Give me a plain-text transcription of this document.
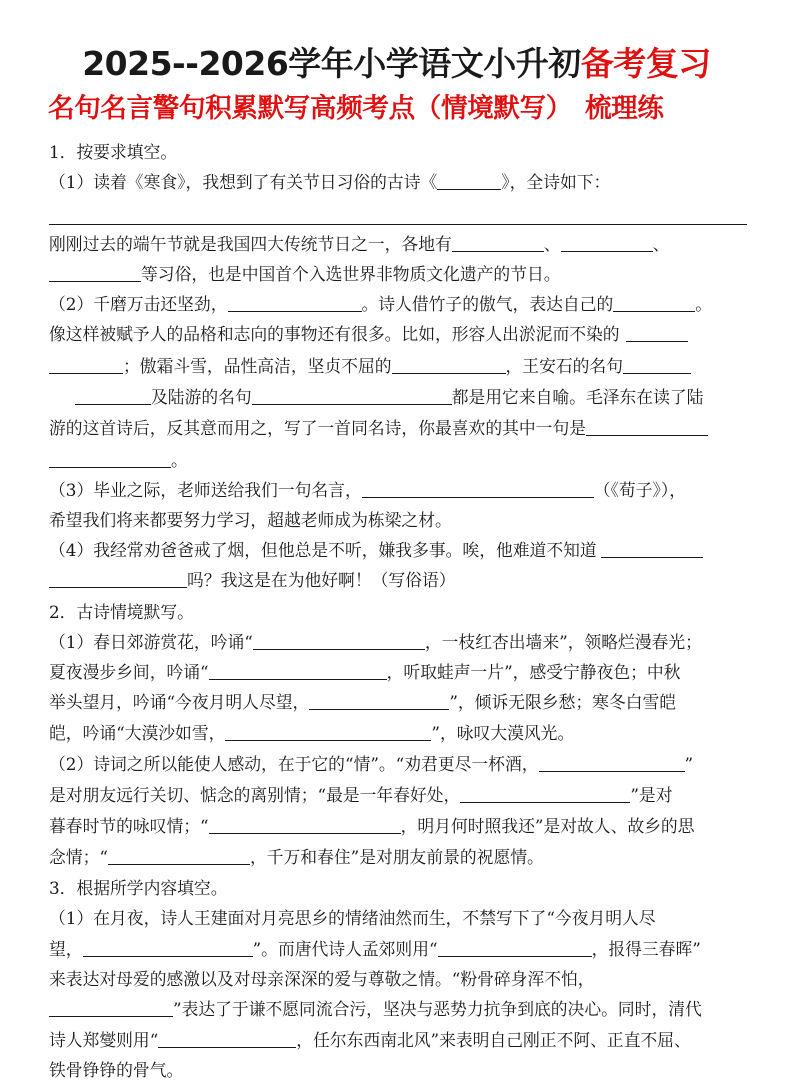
2025--2026学年小学语文小升初备考复习
名句名言警句积累默写高频考点（情境默写）　梳理练
1．按要求填空。
（1）读着《寒食》，我想到了有关节日习俗的古诗《	》，全诗如下：
刚刚过去的端午节就是我国四大传统节日之一，各地有	、	、
等习俗，也是中国首个入选世界非物质文化遗产的节日。
（2）千磨万击还坚劲，	。诗人借竹子的傲气，表达自己的	。
像这样被赋予人的品格和志向的事物还有很多。比如，形容人出淤泥而不染的
；傲霜斗雪，品性高洁，坚贞不屈的	，王安石的名句
及陆游的名句	都是用它来自喻。毛泽东在读了陆
游的这首诗后，反其意而用之，写了一首同名诗，你最喜欢的其中一句是
。
（3）毕业之际，老师送给我们一句名言，	（《荀子》），
希望我们将来都要努力学习，超越老师成为栋梁之材。
（4）我经常劝爸爸戒了烟，但他总是不听，嫌我多事。唉，他难道不知道
吗？我这是在为他好啊！（写俗语）
2．古诗情境默写。
（1）春日郊游赏花，吟诵“	，一枝红杏出墙来”，领略烂漫春光；
夏夜漫步乡间，吟诵“	，听取蛙声一片”，感受宁静夜色；中秋
举头望月，吟诵“今夜月明人尽望，	”，倾诉无限乡愁；寒冬白雪皑
皑，吟诵“大漠沙如雪，	”，咏叹大漠风光。
（2）诗词之所以能使人感动，在于它的“情”。“劝君更尽一杯酒，	”
是对朋友远行关切、惦念的离别情；“最是一年春好处，	”是对
暮春时节的咏叹情；“	，明月何时照我还”是对故人、故乡的思
念情；“	，千万和春住”是对朋友前景的祝愿情。
3．根据所学内容填空。
（1）在月夜，诗人王建面对月亮思乡的情绪油然而生，不禁写下了“今夜月明人尽
望，	”。而唐代诗人孟郊则用“	，报得三春晖”
来表达对母爱的感激以及对母亲深深的爱与尊敬之情。“粉骨碎身浑不怕，
”表达了于谦不愿同流合污，坚决与恶势力抗争到底的决心。同时，清代
诗人郑燮则用“	，任尔东西南北风”来表明自己刚正不阿、正直不屈、
铁骨铮铮的骨气。
